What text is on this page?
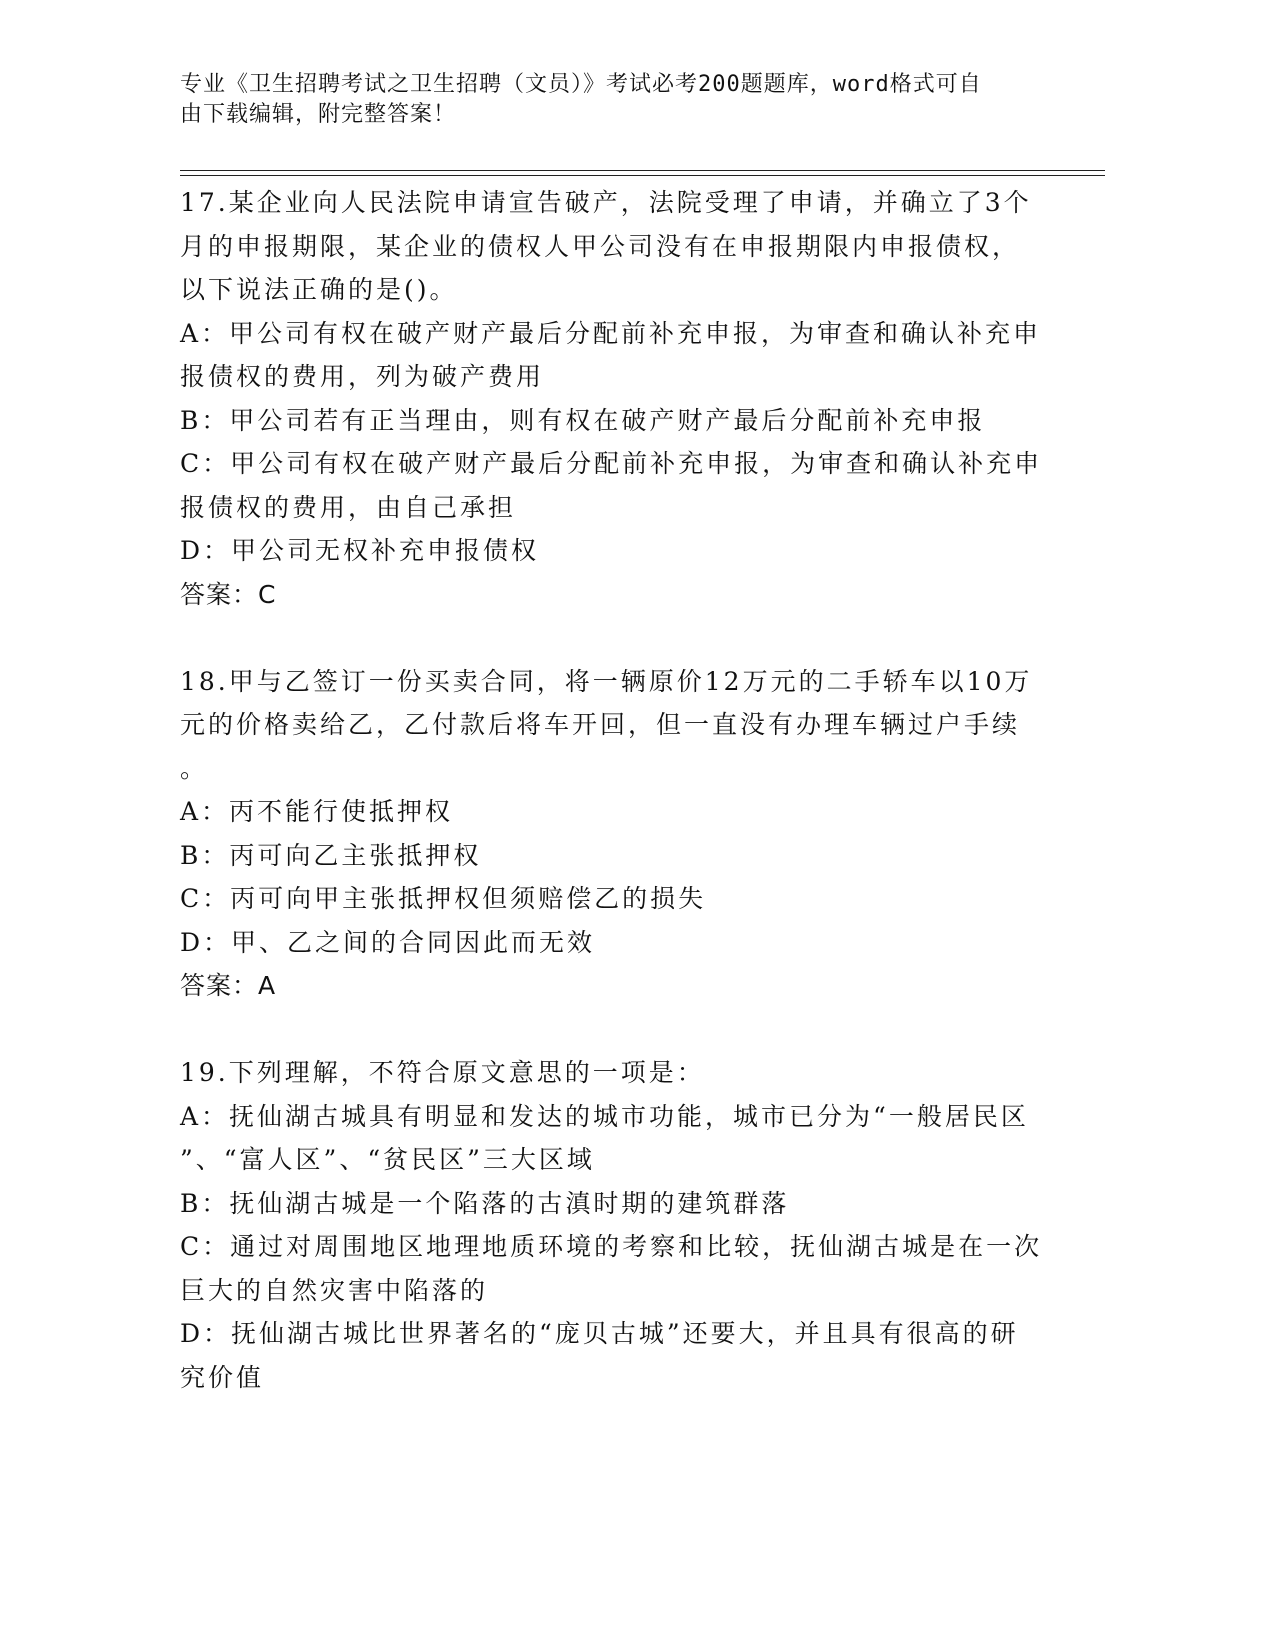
专业《卫生招聘考试之卫生招聘（文员）》考试必考200题题库，word格式可自
由下载编辑，附完整答案！

17.某企业向人民法院申请宣告破产，法院受理了申请，并确立了3个

月的申报期限，某企业的债权人甲公司没有在申报期限内申报债权，

以下说法正确的是()。

A：甲公司有权在破产财产最后分配前补充申报，为审查和确认补充申

报债权的费用，列为破产费用

B：甲公司若有正当理由，则有权在破产财产最后分配前补充申报

C：甲公司有权在破产财产最后分配前补充申报，为审查和确认补充申

报债权的费用，由自己承担

D：甲公司无权补充申报债权

答案：C

18.甲与乙签订一份买卖合同，将一辆原价12万元的二手轿车以10万

元的价格卖给乙，乙付款后将车开回，但一直没有办理车辆过户手续

。

A：丙不能行使抵押权

B：丙可向乙主张抵押权

C：丙可向甲主张抵押权但须赔偿乙的损失

D：甲、乙之间的合同因此而无效

答案：A

19.下列理解，不符合原文意思的一项是：

A：抚仙湖古城具有明显和发达的城市功能，城市已分为“一般居民区

”、“富人区”、“贫民区”三大区域

B：抚仙湖古城是一个陷落的古滇时期的建筑群落

C：通过对周围地区地理地质环境的考察和比较，抚仙湖古城是在一次

巨大的自然灾害中陷落的

D：抚仙湖古城比世界著名的“庞贝古城”还要大，并且具有很高的研

究价值
